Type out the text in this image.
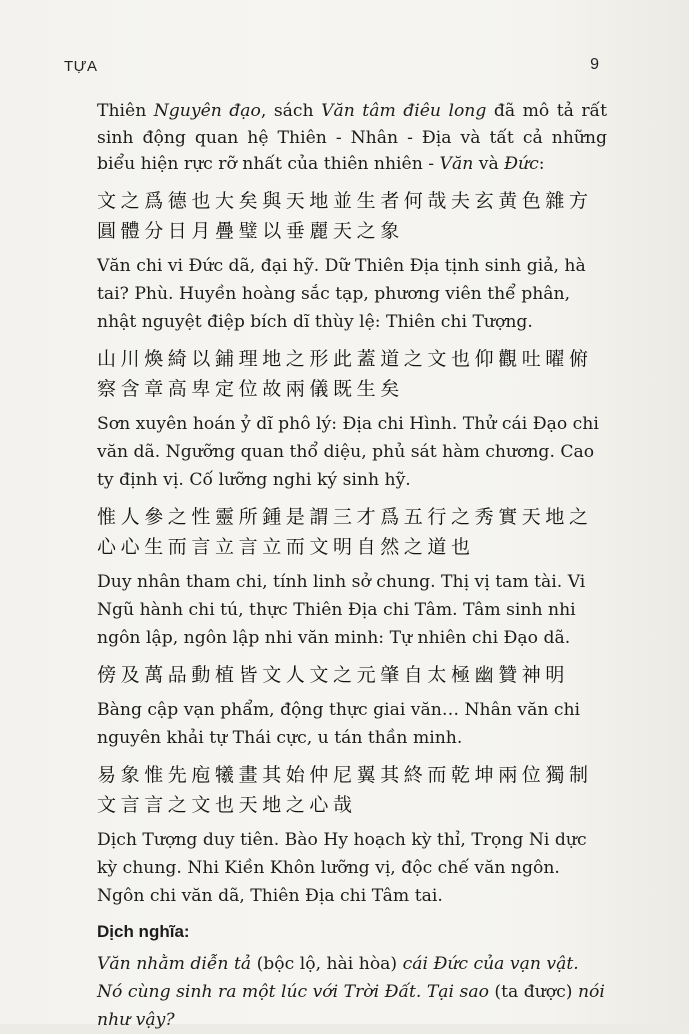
TỰA	9

Thiên Nguyên đạo, sách Văn tâm điêu long đã mô tả rất sinh động quan hệ Thiên - Nhân - Địa và tất cả những biểu hiện rực rỡ nhất của thiên nhiên - Văn và Đức:

文之爲德也大矣與天地並生者何哉夫玄黄色雜方圓體分日月疊璧以垂麗天之象

Văn chi vi Đức dã, đại hỹ. Dữ Thiên Địa tịnh sinh giả, hà tai? Phù. Huyền hoàng sắc tạp, phương viên thể phân, nhật nguyệt điệp bích dĩ thùy lệ: Thiên chi Tượng.

山川煥綺以鋪理地之形此蓋道之文也仰觀吐曜俯察含章高卑定位故兩儀既生矣

Sơn xuyên hoán ỷ dĩ phô lý: Địa chi Hình. Thử cái Đạo chi văn dã. Ngưỡng quan thổ diệu, phủ sát hàm chương. Cao ty định vị. Cố lưỡng nghi ký sinh hỹ.

惟人參之性靈所鍾是謂三才爲五行之秀實天地之心心生而言立言立而文明自然之道也

Duy nhân tham chi, tính linh sở chung. Thị vị tam tài. Vi Ngũ hành chi tú, thực Thiên Địa chi Tâm. Tâm sinh nhi ngôn lập, ngôn lập nhi văn minh: Tự nhiên chi Đạo dã.

傍及萬品動植皆文人文之元肇自太極幽贊神明

Bàng cập vạn phẩm, động thực giai văn… Nhân văn chi nguyên khải tự Thái cực, u tán thần minh.

易象惟先庖犧畫其始仲尼翼其終而乾坤兩位獨制文言言之文也天地之心哉

Dịch Tượng duy tiên. Bào Hy hoạch kỳ thỉ, Trọng Ni dực kỳ chung. Nhi Kiền Khôn lưỡng vị, độc chế văn ngôn. Ngôn chi văn dã, Thiên Địa chi Tâm tai.

Dịch nghĩa:

Văn nhằm diễn tả (bộc lộ, hài hòa) cái Đức của vạn vật. Nó cùng sinh ra một lúc với Trời Đất. Tại sao (ta được) nói như vậy?
